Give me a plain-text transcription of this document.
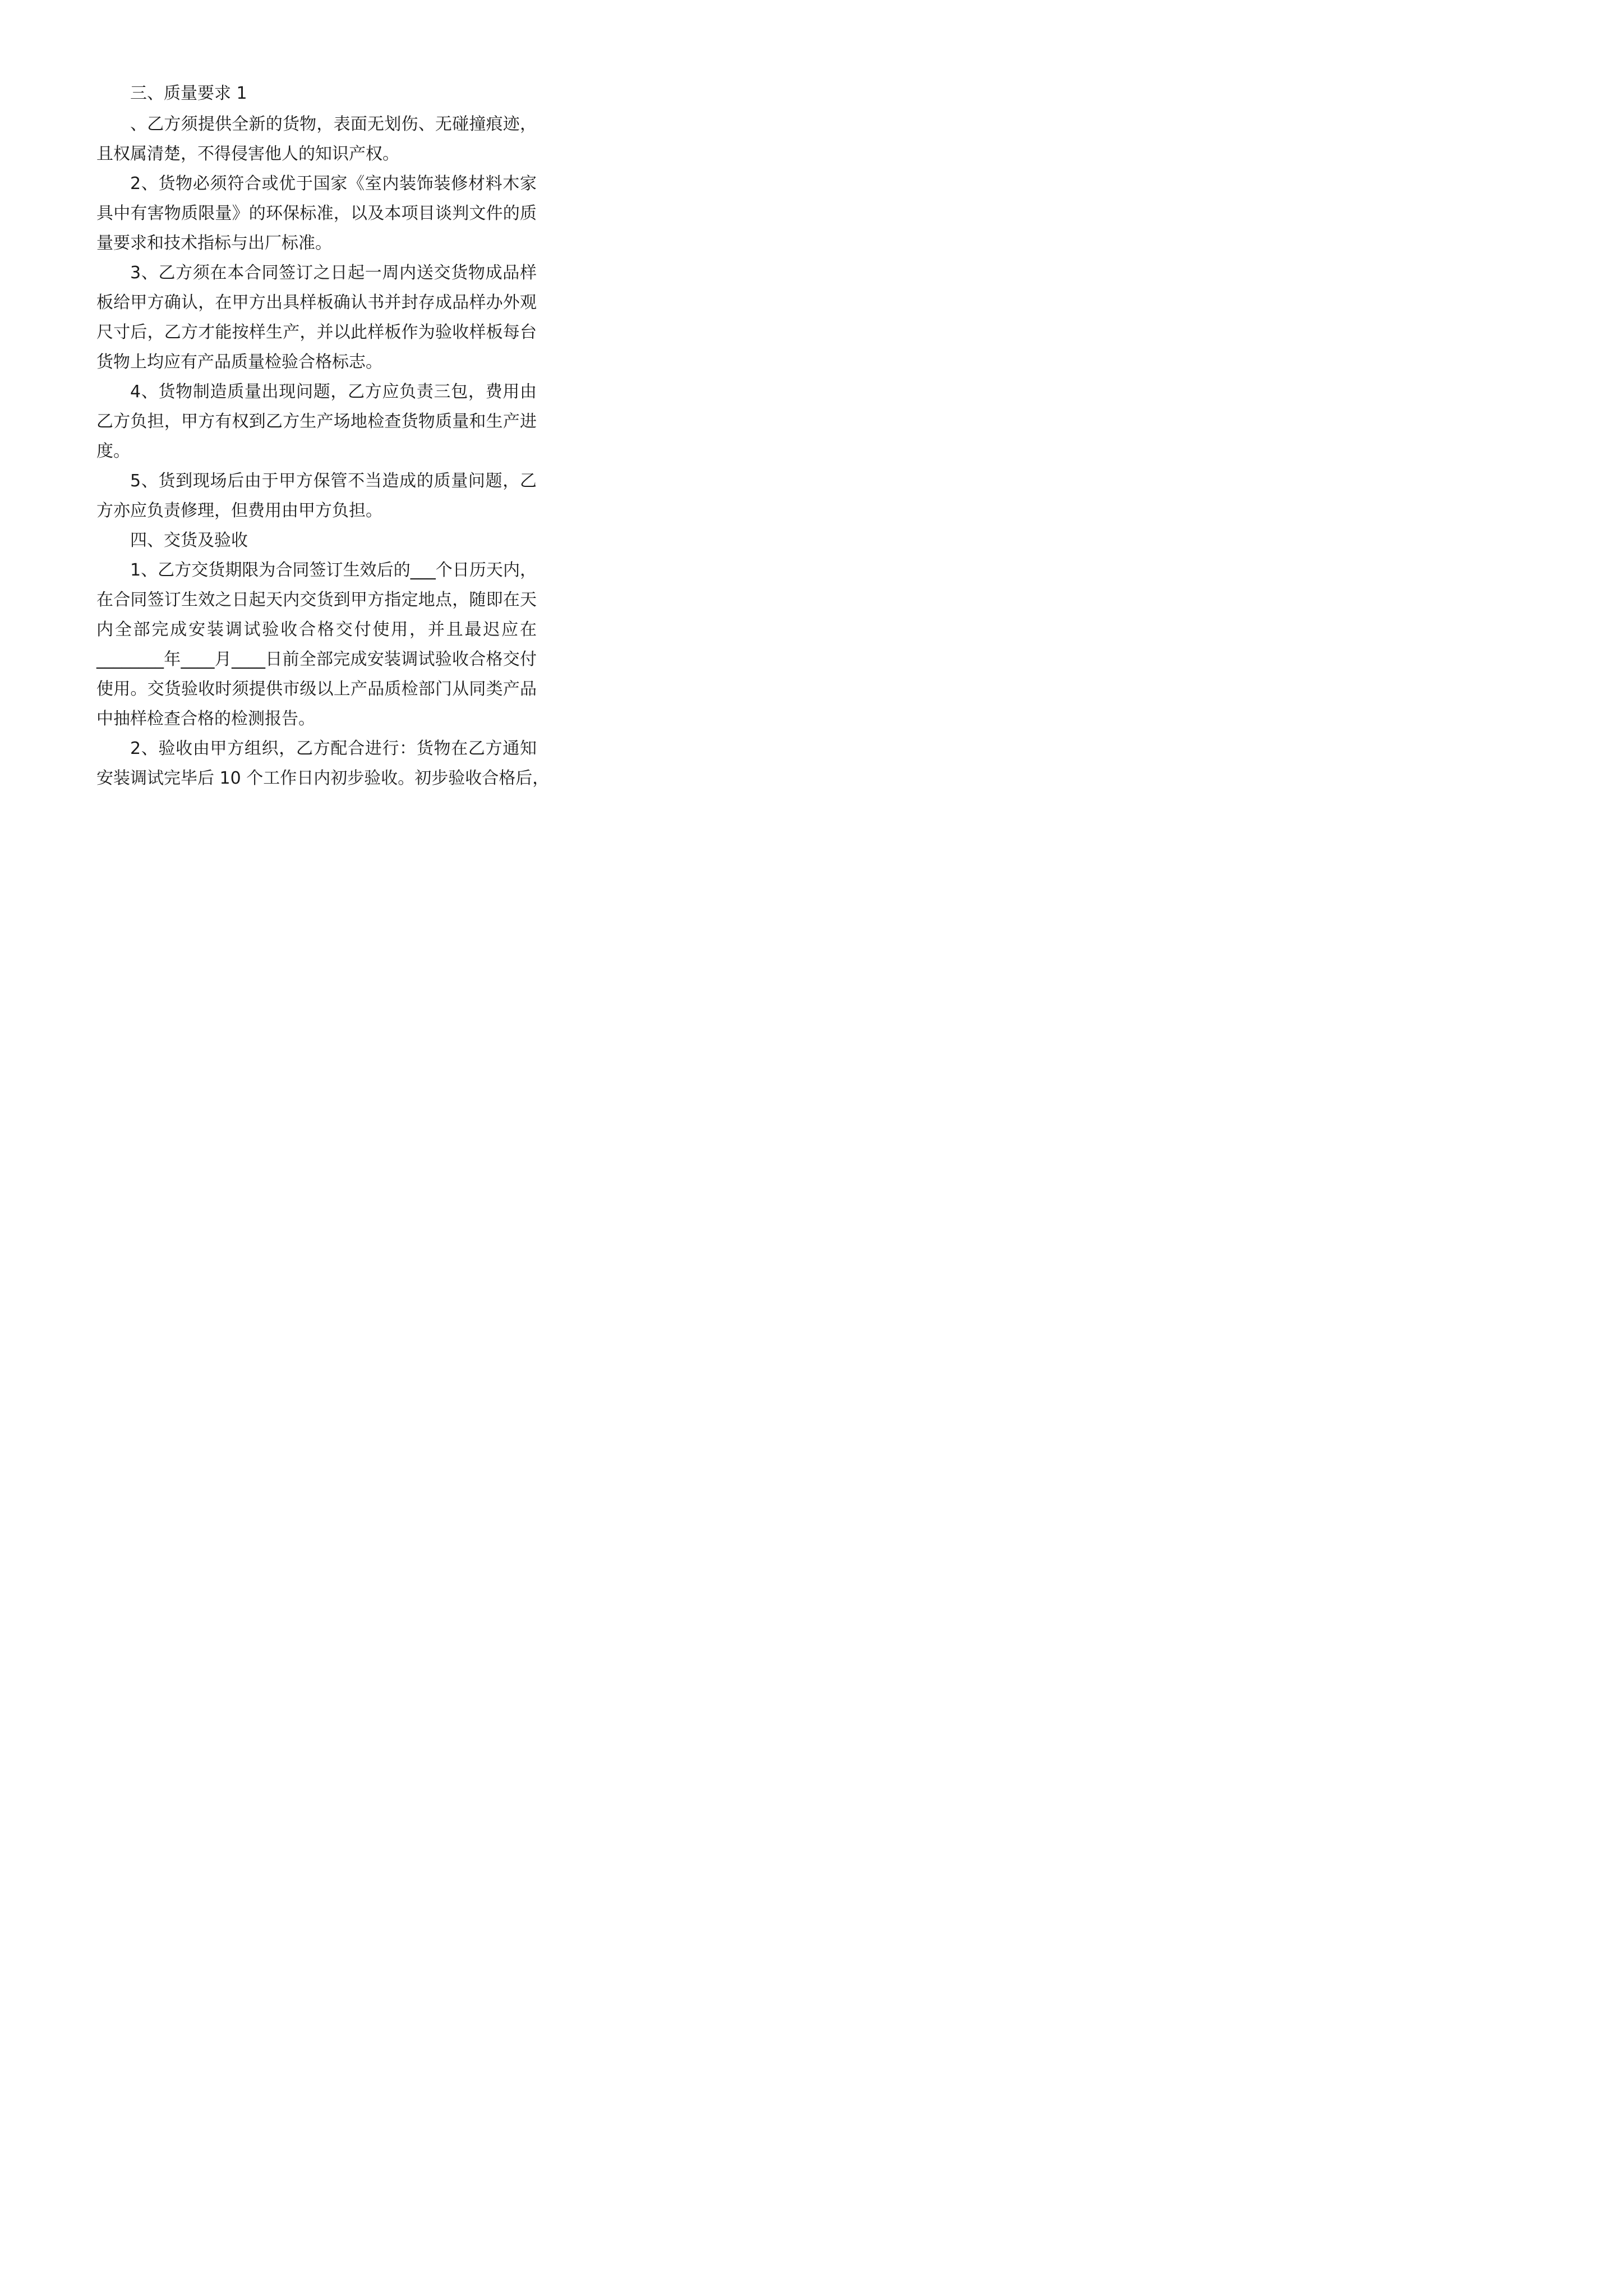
三、质量要求 1
、乙方须提供全新的货物，表面无划伤、无碰撞痕迹，
且权属清楚，不得侵害他人的知识产权。
2、货物必须符合或优于国家《室内装饰装修材料木家
具中有害物质限量》的环保标准，以及本项目谈判文件的质
量要求和技术指标与出厂标准。
3、乙方须在本合同签订之日起一周内送交货物成品样
板给甲方确认，在甲方出具样板确认书并封存成品样办外观
尺寸后，乙方才能按样生产，并以此样板作为验收样板每台
货物上均应有产品质量检验合格标志。
4、货物制造质量出现问题，乙方应负责三包，费用由
乙方负担，甲方有权到乙方生产场地检查货物质量和生产进
度。
5、货到现场后由于甲方保管不当造成的质量问题，乙
方亦应负责修理，但费用由甲方负担。
四、交货及验收
1、乙方交货期限为合同签订生效后的___个日历天内，
在合同签订生效之日起天内交货到甲方指定地点，随即在天
内全部完成安装调试验收合格交付使用，并且最迟应在
________年____月____日前全部完成安装调试验收合格交付
使用。交货验收时须提供市级以上产品质检部门从同类产品
中抽样检查合格的检测报告。
2、验收由甲方组织，乙方配合进行：货物在乙方通知
安装调试完毕后 10 个工作日内初步验收。初步验收合格后，
